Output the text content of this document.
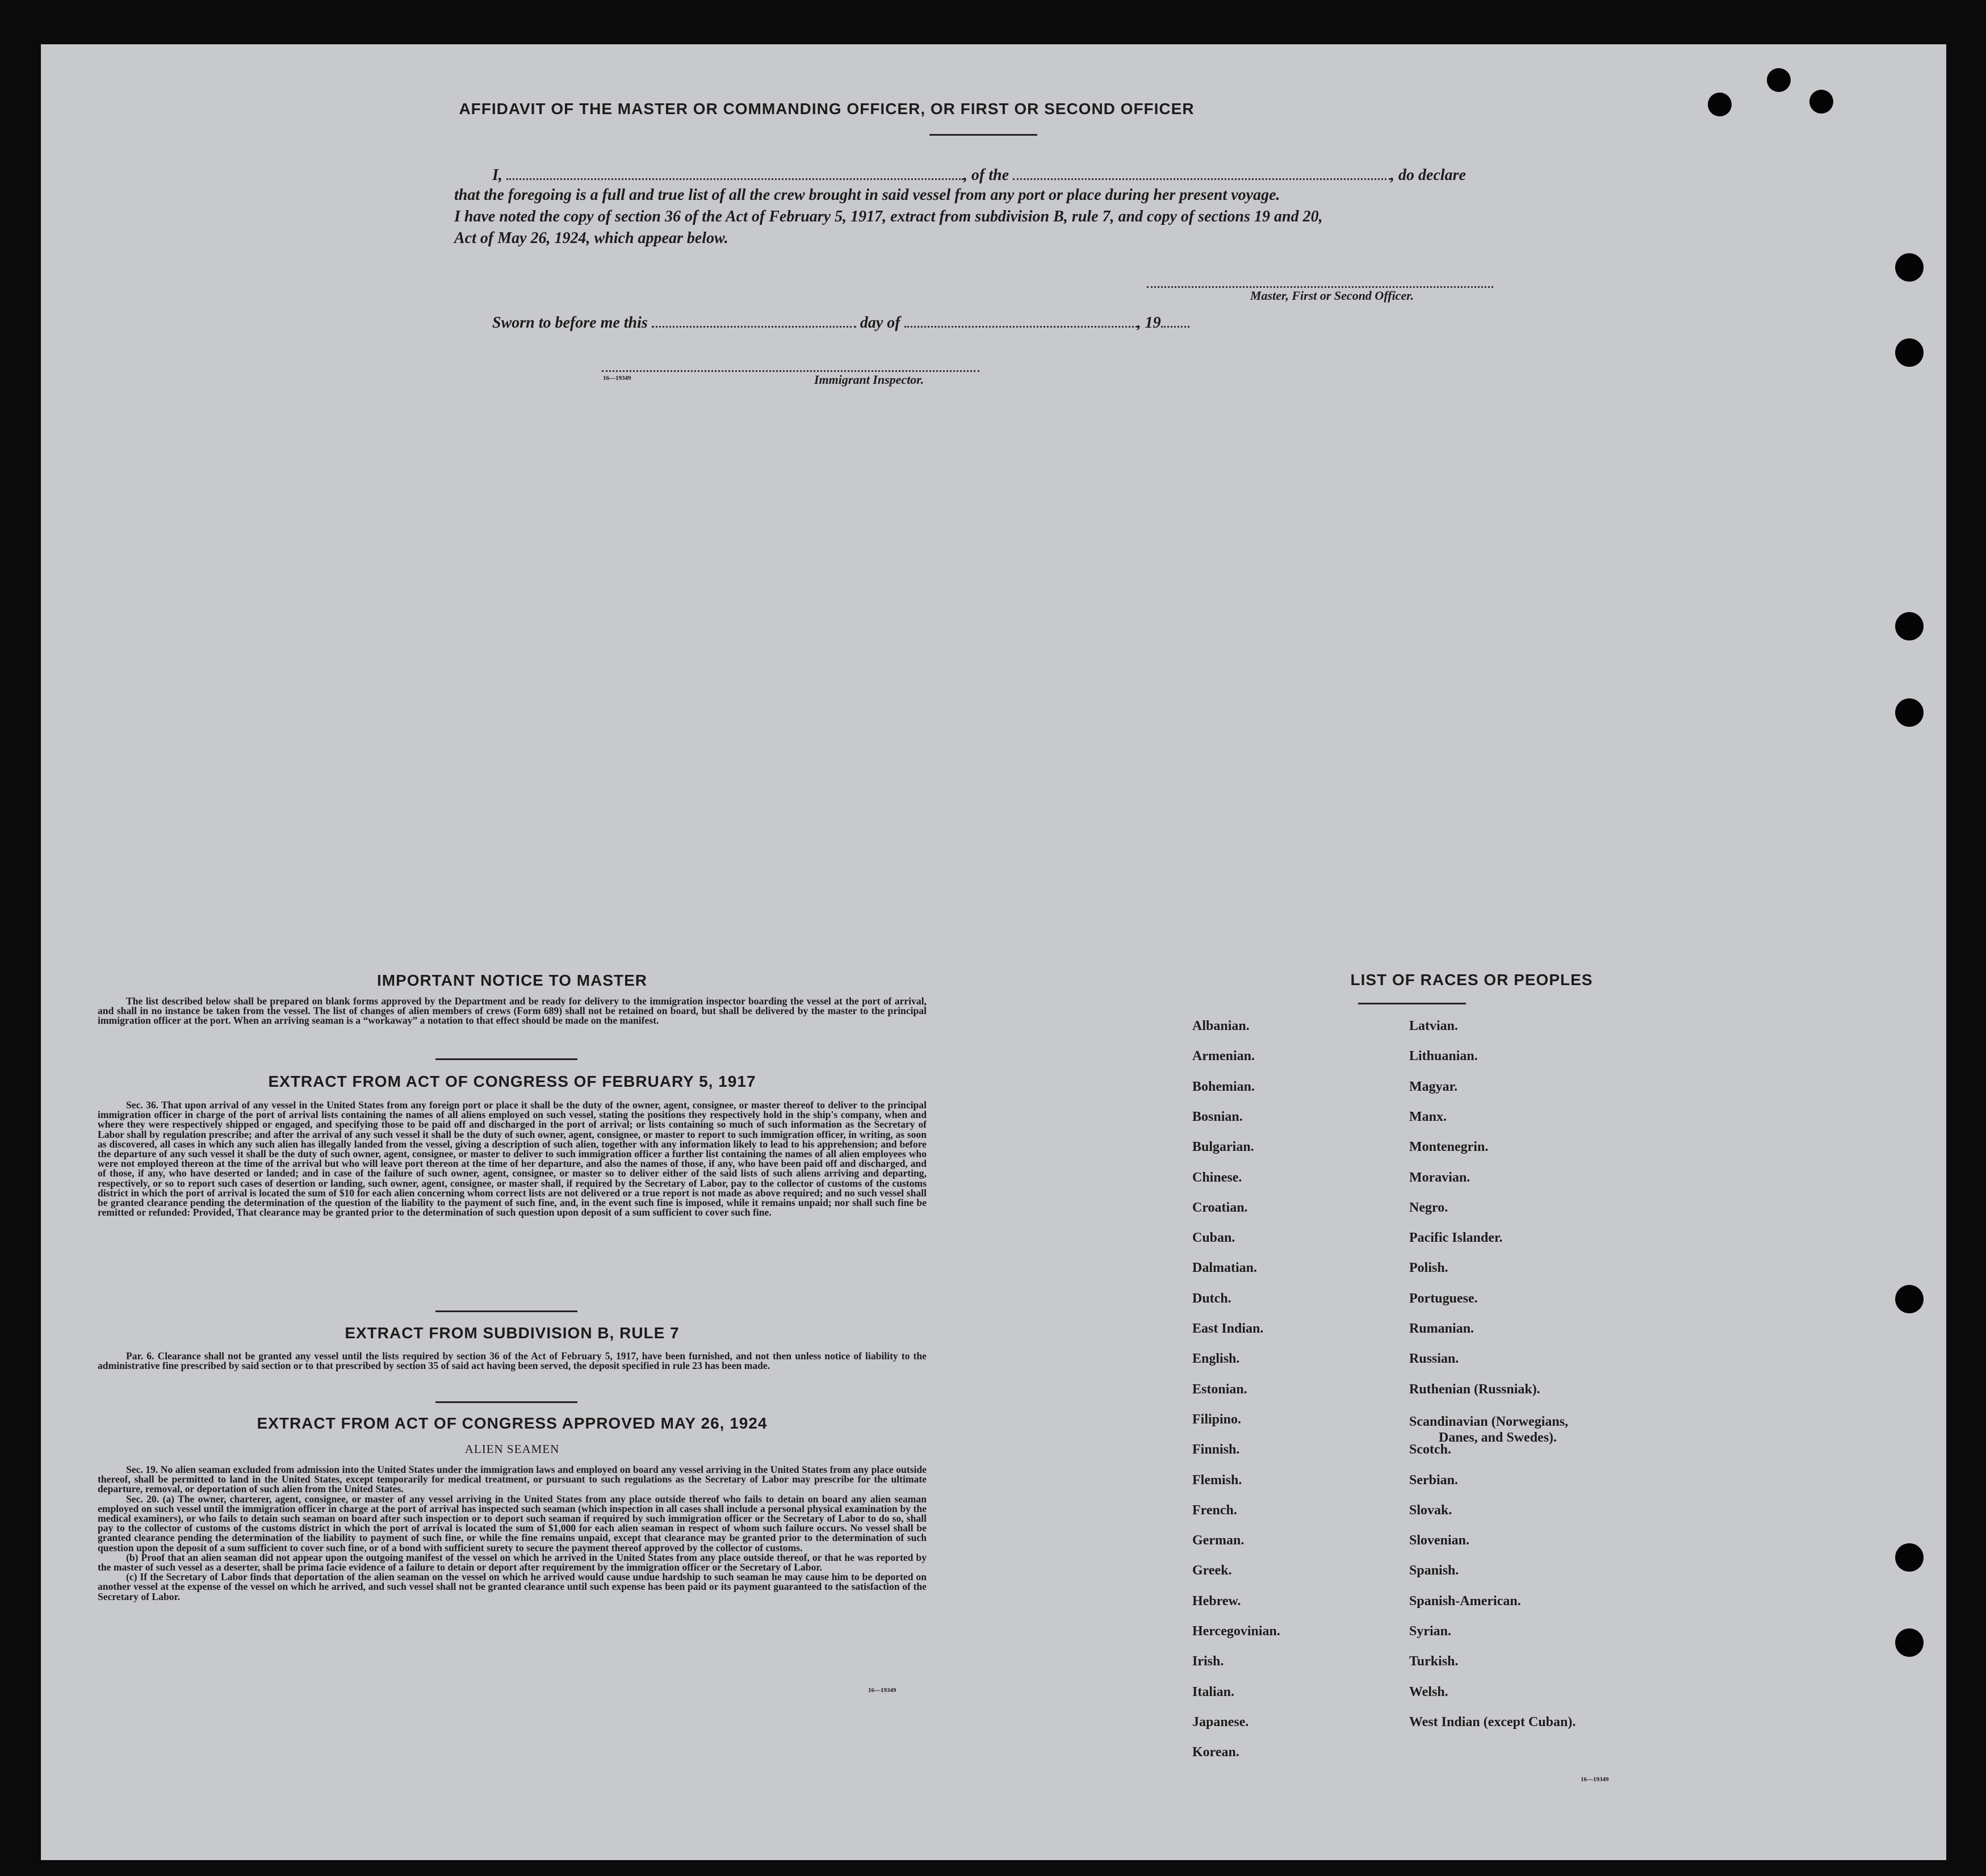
AFFIDAVIT OF THE MASTER OR COMMANDING OFFICER, OR FIRST OR SECOND OFFICER
I,	, of the	, do declare
that the foregoing is a full and true list of all the crew brought in said vessel from any port or place during her present voyage.
I have noted the copy of section 36 of the Act of February 5, 1917, extract from subdivision B, rule 7, and copy of sections 19 and 20,
Act of May 26, 1924, which appear below.
Master, First or Second Officer.
Sworn to before me this	day of	, 19
16—19349	Immigrant Inspector.
IMPORTANT NOTICE TO MASTER

The list described below shall be prepared on blank forms approved by the Department and be ready for delivery to the immigration inspector boarding the vessel at the port of arrival, and shall in no instance be taken from the vessel. The list of changes of alien members of crews (Form 689) shall not be retained on board, but shall be delivered by the master to the principal immigration officer at the port. When an arriving seaman is a “workaway” a notation to that effect should be made on the manifest.

EXTRACT FROM ACT OF CONGRESS OF FEBRUARY 5, 1917

Sec. 36. That upon arrival of any vessel in the United States from any foreign port or place it shall be the duty of the owner, agent, consignee, or master thereof to deliver to the principal immigration officer in charge of the port of arrival lists containing the names of all aliens employed on such vessel, stating the positions they respectively hold in the ship's company, when and where they were respectively shipped or engaged, and specifying those to be paid off and discharged in the port of arrival; or lists containing so much of such information as the Secretary of Labor shall by regulation prescribe; and after the arrival of any such vessel it shall be the duty of such owner, agent, consignee, or master to report to such immigration officer, in writing, as soon as discovered, all cases in which any such alien has illegally landed from the vessel, giving a description of such alien, together with any information likely to lead to his apprehension; and before the departure of any such vessel it shall be the duty of such owner, agent, consignee, or master to deliver to such immigration officer a further list containing the names of all alien employees who were not employed thereon at the time of the arrival but who will leave port thereon at the time of her departure, and also the names of those, if any, who have been paid off and discharged, and of those, if any, who have deserted or landed; and in case of the failure of such owner, agent, consignee, or master so to deliver either of the said lists of such aliens arriving and departing, respectively, or so to report such cases of desertion or landing, such owner, agent, consignee, or master shall, if required by the Secretary of Labor, pay to the collector of customs of the customs district in which the port of arrival is located the sum of $10 for each alien concerning whom correct lists are not delivered or a true report is not made as above required; and no such vessel shall be granted clearance pending the determination of the question of the liability to the payment of such fine, and, in the event such fine is imposed, while it remains unpaid; nor shall such fine be remitted or refunded: Provided, That clearance may be granted prior to the determination of such question upon deposit of a sum sufficient to cover such fine.

EXTRACT FROM SUBDIVISION B, RULE 7

Par. 6. Clearance shall not be granted any vessel until the lists required by section 36 of the Act of February 5, 1917, have been furnished, and not then unless notice of liability to the administrative fine prescribed by said section or to that prescribed by section 35 of said act having been served, the deposit specified in rule 23 has been made.

EXTRACT FROM ACT OF CONGRESS APPROVED MAY 26, 1924
ALIEN SEAMEN

Sec. 19. No alien seaman excluded from admission into the United States under the immigration laws and employed on board any vessel arriving in the United States from any place outside thereof, shall be permitted to land in the United States, except temporarily for medical treatment, or pursuant to such regulations as the Secretary of Labor may prescribe for the ultimate departure, removal, or deportation of such alien from the United States.

Sec. 20. (a) The owner, charterer, agent, consignee, or master of any vessel arriving in the United States from any place outside thereof who fails to detain on board any alien seaman employed on such vessel until the immigration officer in charge at the port of arrival has inspected such seaman (which inspection in all cases shall include a personal physical examination by the medical examiners), or who fails to detain such seaman on board after such inspection or to deport such seaman if required by such immigration officer or the Secretary of Labor to do so, shall pay to the collector of customs of the customs district in which the port of arrival is located the sum of $1,000 for each alien seaman in respect of whom such failure occurs. No vessel shall be granted clearance pending the determination of the liability to payment of such fine, or while the fine remains unpaid, except that clearance may be granted prior to the determination of such question upon the deposit of a sum sufficient to cover such fine, or of a bond with sufficient surety to secure the payment thereof approved by the collector of customs.

(b) Proof that an alien seaman did not appear upon the outgoing manifest of the vessel on which he arrived in the United States from any place outside thereof, or that he was reported by the master of such vessel as a deserter, shall be prima facie evidence of a failure to detain or deport after requirement by the immigration officer or the Secretary of Labor.

(c) If the Secretary of Labor finds that deportation of the alien seaman on the vessel on which he arrived would cause undue hardship to such seaman he may cause him to be deported on another vessel at the expense of the vessel on which he arrived, and such vessel shall not be granted clearance until such expense has been paid or its payment guaranteed to the satisfaction of the Secretary of Labor.

16—19349
LIST OF RACES OR PEOPLES
16—19349
Albanian.
Armenian.
Bohemian.
Bosnian.
Bulgarian.
Chinese.
Croatian.
Cuban.
Dalmatian.
Dutch.
East Indian.
English.
Estonian.
Filipino.
Finnish.
Flemish.
French.
German.
Greek.
Hebrew.
Hercegovinian.
Irish.
Italian.
Japanese.
Korean.
Latvian.
Lithuanian.
Magyar.
Manx.
Montenegrin.
Moravian.
Negro.
Pacific Islander.
Polish.
Portuguese.
Rumanian.
Russian.
Ruthenian (Russniak).
Scandinavian (Norwegians,
Danes, and Swedes).
Scotch.
Serbian.
Slovak.
Slovenian.
Spanish.
Spanish-American.
Syrian.
Turkish.
Welsh.
West Indian (except Cuban).
